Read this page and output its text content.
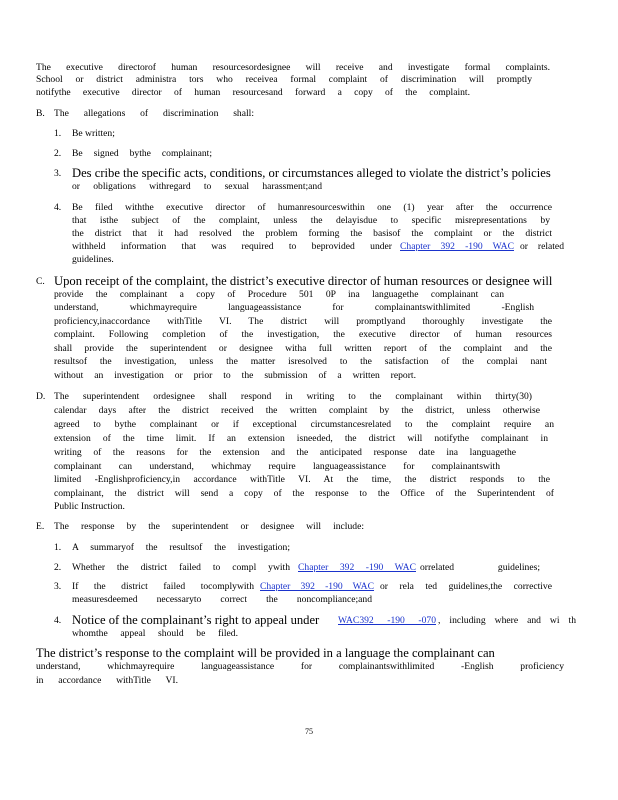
The executive directorof human resourcesordesignee will receive and investigate formal complaints.
School or district administra tors who receivea formal complaint of discrimination will promptly
notifythe executive director of human resourcesand forward a copy of the complaint.
B. The allegations of discrimination shall:
1. Be written;
2. Be signed bythe complainant;
3. Des cribe the specific acts, conditions, or circumstances alleged to violate the district’s policies
or obligations withregard to sexual harassment;and
4. Be filed withthe executive director of humanresourceswithin one (1) year after the occurrence
that isthe subject of the complaint, unless the delayisdue to specific misrepresentations by
the district that it had resolved the problem forming the basisof the complaint or the district
withheld information that was required to beprovided under Chapter 392 -190 WAC or related
guidelines.
C. Upon receipt of the complaint, the district’s executive director of human resources or designee will
provide the complainant a copy of Procedure 501 0P ina languagethe complainant can
understand, whichmayrequire languageassistance for complainantswithlimited -English
proficiency,inaccordance withTitle VI. The district will promptlyand thoroughly investigate the
complaint. Following completion of the investigation, the executive director of human resources
shall provide the superintendent or designee witha full written report of the complaint and the
resultsof the investigation, unless the matter isresolved to the satisfaction of the complai nant
without an investigation or prior to the submission of a written report.
D. The superintendent ordesignee shall respond in writing to the complainant within thirty(30)
calendar days after the district received the written complaint by the district, unless otherwise
agreed to bythe complainant or if exceptional circumstancesrelated to the complaint require an
extension of the time limit. If an extension isneeded, the district will notifythe complainant in
writing of the reasons for the extension and the anticipated response date ina languagethe
complainant can understand, whichmay require languageassistance for complainantswith
limited -Englishproficiency,in accordance withTitle VI. At the time, the district responds to the
complainant, the district will send a copy of the response to the Office of the Superintendent of
Public Instruction.
E. The response by the superintendent or designee will include:
1. A summaryof the resultsof the investigation;
2. Whether the district failed to compl ywith Chapter 392 -190 WAC orrelated guidelines;
3. If the district failed tocomplywith Chapter 392 -190 WAC or rela ted guidelines,the corrective
measuresdeemed necessaryto correct the noncompliance;and
4. Notice of the complainant’s right to appeal under WAC392 -190 -070 , including where and wi th
whomthe appeal should be filed.
The district’s response to the complaint will be provided in a language the complainant can
understand, whichmayrequire languageassistance for complainantswithlimited -English proficiency
in accordance withTitle VI.
75
